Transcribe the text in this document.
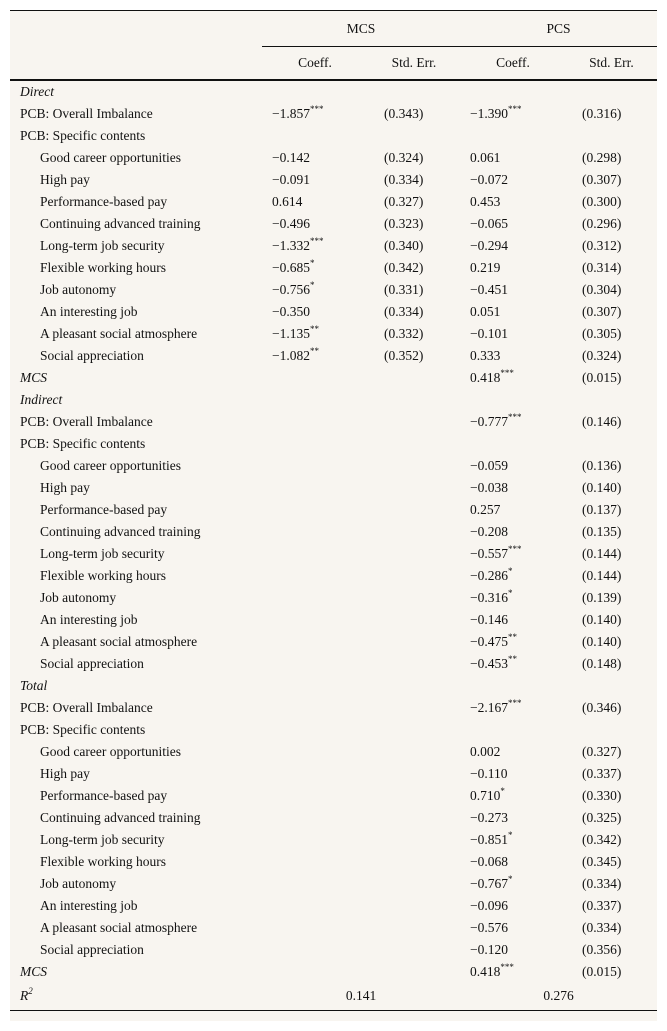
	MCS		PCS	
	Coeff.	Std. Err.	Coeff.	Std. Err.
Direct				
PCB: Overall Imbalance	−1.857***	(0.343)	−1.390***	(0.316)
PCB: Specific contents				
Good career opportunities	−0.142	(0.324)	0.061	(0.298)
High pay	−0.091	(0.334)	−0.072	(0.307)
Performance-based pay	0.614	(0.327)	0.453	(0.300)
Continuing advanced training	−0.496	(0.323)	−0.065	(0.296)
Long-term job security	−1.332***	(0.340)	−0.294	(0.312)
Flexible working hours	−0.685*	(0.342)	0.219	(0.314)
Job autonomy	−0.756*	(0.331)	−0.451	(0.304)
An interesting job	−0.350	(0.334)	0.051	(0.307)
A pleasant social atmosphere	−1.135**	(0.332)	−0.101	(0.305)
Social appreciation	−1.082**	(0.352)	0.333	(0.324)
MCS			0.418***	(0.015)
Indirect				
PCB: Overall Imbalance			−0.777***	(0.146)
PCB: Specific contents				
Good career opportunities			−0.059	(0.136)
High pay			−0.038	(0.140)
Performance-based pay			0.257	(0.137)
Continuing advanced training			−0.208	(0.135)
Long-term job security			−0.557***	(0.144)
Flexible working hours			−0.286*	(0.144)
Job autonomy			−0.316*	(0.139)
An interesting job			−0.146	(0.140)
A pleasant social atmosphere			−0.475**	(0.140)
Social appreciation			−0.453**	(0.148)
Total				
PCB: Overall Imbalance			−2.167***	(0.346)
PCB: Specific contents				
Good career opportunities			0.002	(0.327)
High pay			−0.110	(0.337)
Performance-based pay			0.710*	(0.330)
Continuing advanced training			−0.273	(0.325)
Long-term job security			−0.851*	(0.342)
Flexible working hours			−0.068	(0.345)
Job autonomy			−0.767*	(0.334)
An interesting job			−0.096	(0.337)
A pleasant social atmosphere			−0.576	(0.334)
Social appreciation			−0.120	(0.356)
MCS			0.418***	(0.015)
$R^2$	0.141		0.276	
